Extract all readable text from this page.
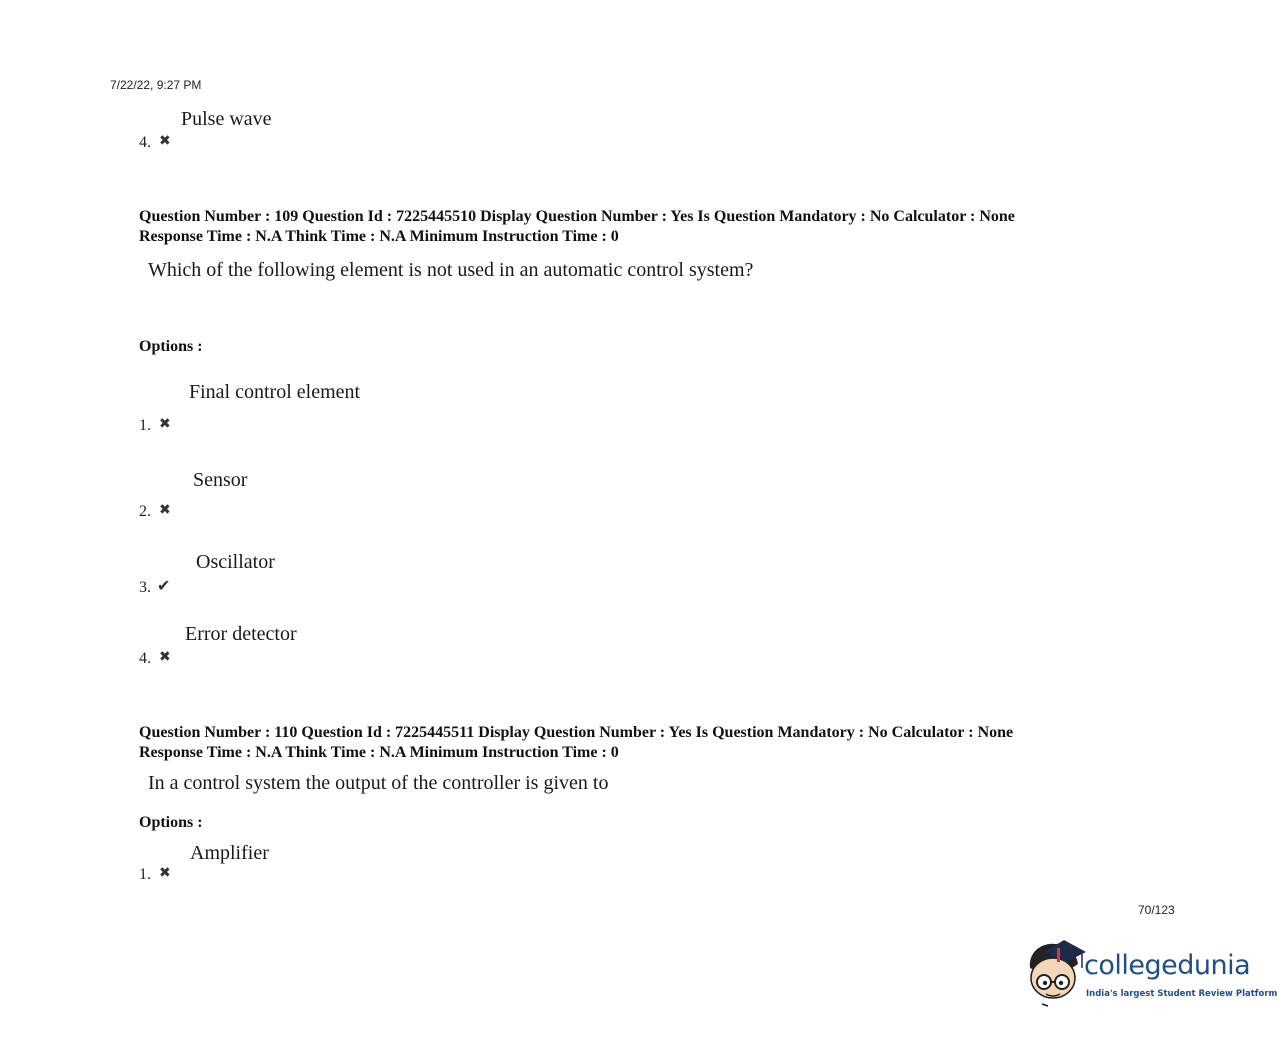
7/22/22, 9:27 PM
Pulse wave
4. ✖
Question Number : 109 Question Id : 7225445510 Display Question Number : Yes Is Question Mandatory : No Calculator : None
Response Time : N.A Think Time : N.A Minimum Instruction Time : 0
Which of the following element is not used in an automatic control system?
Options :
Final control element
1. ✖
Sensor
2. ✖
Oscillator
3. ✔
Error detector
4. ✖
Question Number : 110 Question Id : 7225445511 Display Question Number : Yes Is Question Mandatory : No Calculator : None
Response Time : N.A Think Time : N.A Minimum Instruction Time : 0
In a control system the output of the controller is given to
Options :
Amplifier
1. ✖
70/123
collegedunia
India's largest Student Review Platform
